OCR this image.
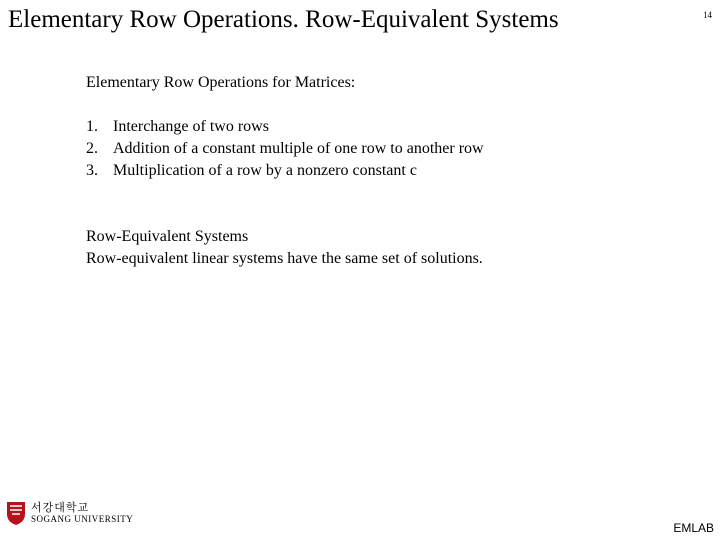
Elementary Row Operations. Row-Equivalent Systems	14

Elementary Row Operations for Matrices:

1. Interchange of two rows
2. Addition of a constant multiple of one row to another row
3. Multiplication of a row by a nonzero constant c
Row-Equivalent Systems
Row-equivalent linear systems have the same set of solutions.
서강대학교
SOGANG UNIVERSITY
EMLAB
